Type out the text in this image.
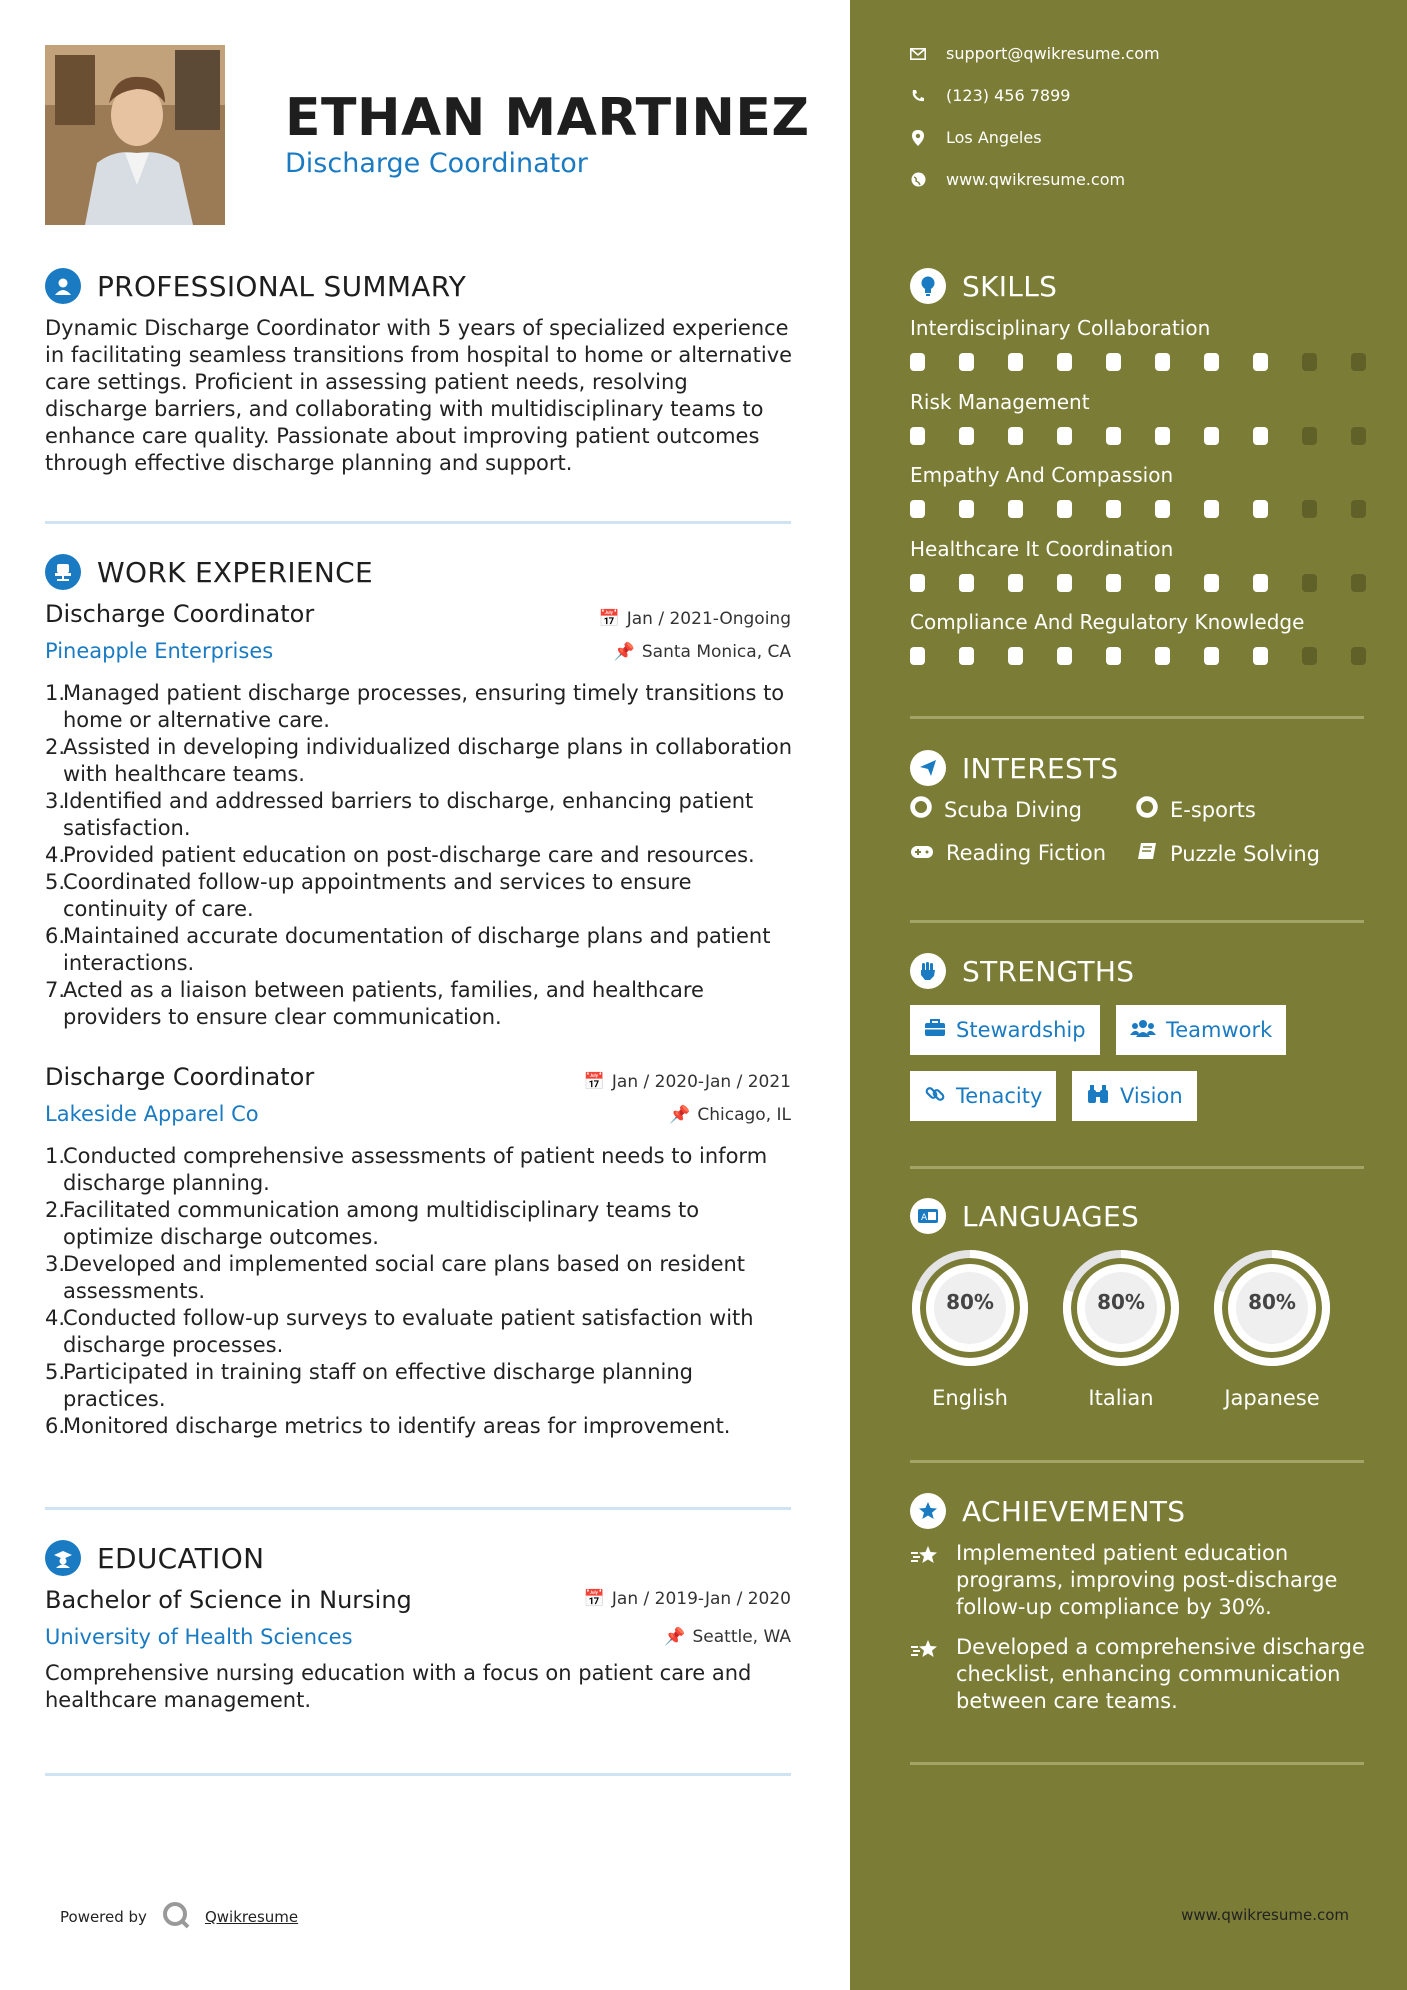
ETHAN MARTINEZ
Discharge Coordinator
PROFESSIONAL SUMMARY
Dynamic Discharge Coordinator with 5 years of specialized experience in facilitating seamless transitions from hospital to home or alternative care settings. Proficient in assessing patient needs, resolving discharge barriers, and collaborating with multidisciplinary teams to enhance care quality. Passionate about improving patient outcomes through effective discharge planning and support.
WORK EXPERIENCE
Discharge Coordinator	📅 Jan / 2021-Ongoing
Pineapple Enterprises	📌 Santa Monica, CA
1.
Managed patient discharge processes, ensuring timely transitions to home or alternative care.
2.
Assisted in developing individualized discharge plans in collaboration with healthcare teams.
3.
Identified and addressed barriers to discharge, enhancing patient satisfaction.
4.
Provided patient education on post-discharge care and resources.
5.
Coordinated follow-up appointments and services to ensure continuity of care.
6.
Maintained accurate documentation of discharge plans and patient interactions.
7.
Acted as a liaison between patients, families, and healthcare providers to ensure clear communication.
Discharge Coordinator	📅 Jan / 2020-Jan / 2021
Lakeside Apparel Co	📌 Chicago, IL
1.
Conducted comprehensive assessments of patient needs to inform discharge planning.
2.
Facilitated communication among multidisciplinary teams to optimize discharge outcomes.
3.
Developed and implemented social care plans based on resident assessments.
4.
Conducted follow-up surveys to evaluate patient satisfaction with discharge processes.
5.
Participated in training staff on effective discharge planning practices.
6.
Monitored discharge metrics to identify areas for improvement.
EDUCATION
Bachelor of Science in Nursing	📅 Jan / 2019-Jan / 2020
University of Health Sciences	📌 Seattle, WA
Comprehensive nursing education with a focus on patient care and healthcare management.
Powered by	Qwikresume
support@qwikresume.com
(123) 456 7899
Los Angeles
www.qwikresume.com
SKILLS
Interdisciplinary Collaboration
Risk Management
Empathy And Compassion
Healthcare It Coordination
Compliance And Regulatory Knowledge
INTERESTS
Scuba Diving	E-sports
Reading Fiction	Puzzle Solving
STRENGTHS
Stewardship	Teamwork
Tenacity	Vision
A LANGUAGES
80%
English
80%
Italian
80%
Japanese
ACHIEVEMENTS
Implemented patient education programs, improving post-discharge follow-up compliance by 30%.
Developed a comprehensive discharge checklist, enhancing communication between care teams.
www.qwikresume.com
